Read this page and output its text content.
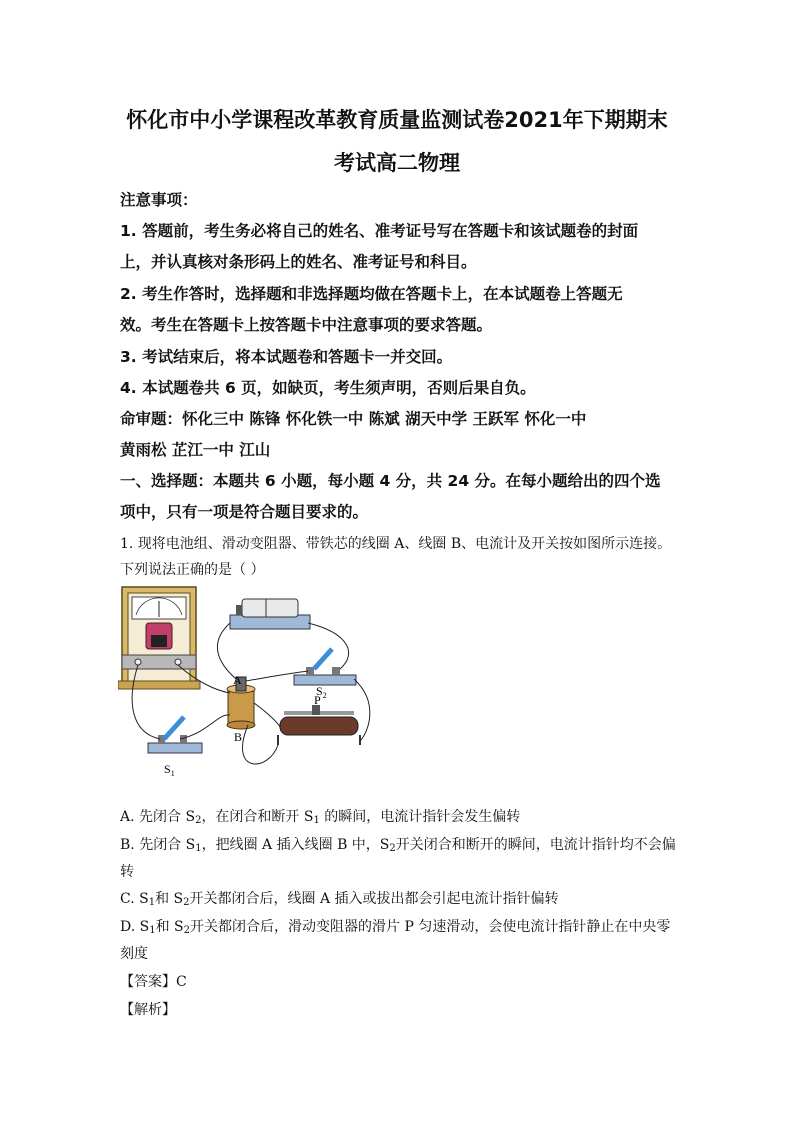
怀化市中小学课程改革教育质量监测试卷2021年下期期末
考试高二物理
注意事项：
1. 答题前，考生务必将自己的姓名、准考证号写在答题卡和该试题卷的封面
上，并认真核对条形码上的姓名、准考证号和科目。
2. 考生作答时，选择题和非选择题均做在答题卡上，在本试题卷上答题无
效。考生在答题卡上按答题卡中注意事项的要求答题。
3. 考试结束后，将本试题卷和答题卡一并交回。
4. 本试题卷共 6 页，如缺页，考生须声明，否则后果自负。
命审题：怀化三中 陈锋 怀化铁一中 陈斌 湖天中学 王跃军 怀化一中
黄雨松 芷江一中 江山
一、选择题：本题共 6 小题，每小题 4 分，共 24 分。在每小题给出的四个选
项中，只有一项是符合题目要求的。
1. 现将电池组、滑动变阻器、带铁芯的线圈 A、线圈 B、电流计及开关按如图所示连接。
下列说法正确的是（ ）
A
B
P
$S_2$
$S_1$
A. 先闭合 $S_2$，在闭合和断开 $S_1$ 的瞬间，电流计指针会发生偏转
B. 先闭合 $S_1$，把线圈 A 插入线圈 B 中，$S_2$开关闭合和断开的瞬间，电流计指针均不会偏
转
C. $S_1$和 $S_2$开关都闭合后，线圈 A 插入或拔出都会引起电流计指针偏转
D. $S_1$和 $S_2$开关都闭合后，滑动变阻器的滑片 P 匀速滑动，会使电流计指针静止在中央零
刻度
【答案】C
【解析】
